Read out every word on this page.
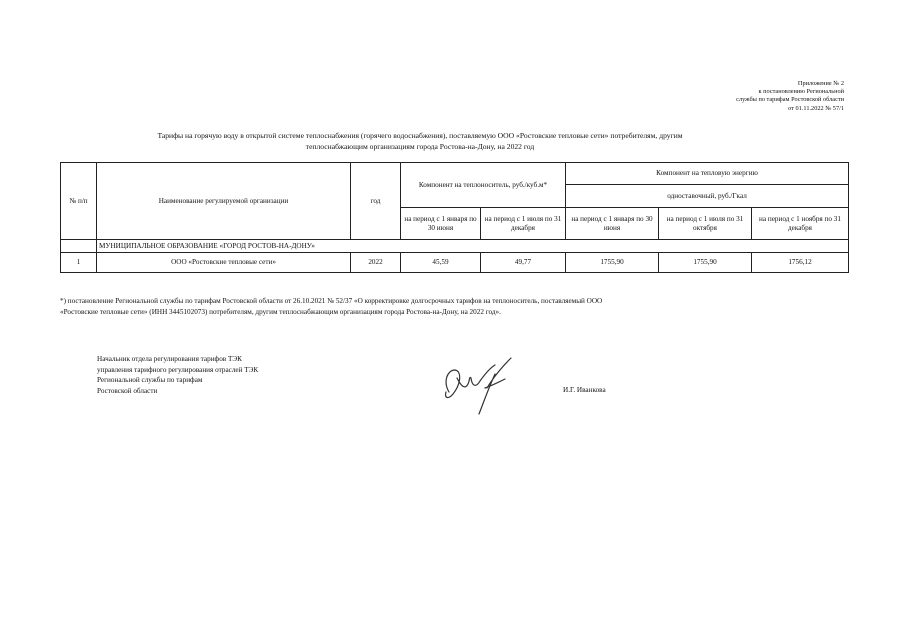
Приложение № 2
к постановлению Региональной
службы по тарифам Ростовской области
от 01.11.2022 № 57/1
Тарифы на горячую воду в открытой системе теплоснабжения (горячего водоснабжения), поставляемую ООО «Ростовские тепловые сети» потребителям, другим
теплоснабжающим организациям города Ростова-на-Дону, на 2022 год
№ п/п	Наименование регулируемой организации	год	Компонент на теплоноситель, руб./куб.м*		Компонент на тепловую энергию		
					одноставочный, руб./Гкал		
			на период с 1 января по 30 июня	на период с 1 июля по 31 декабря	на период с 1 января по 30 июня	на период с 1 июля по 31 октября	на период с 1 ноября по 31 декабря
	МУНИЦИПАЛЬНОЕ ОБРАЗОВАНИЕ «ГОРОД РОСТОВ-НА-ДОНУ»						
1	ООО «Ростовские тепловые сети»	2022	45,59	49,77	1755,90	1755,90	1756,12
*) постановление Региональной службы по тарифам Ростовской области от 26.10.2021 № 52/37 «О корректировке долгосрочных тарифов на теплоноситель, поставляемый ООО
«Ростовские тепловые сети» (ИНН 3445102073) потребителям, другим теплоснабжающим организациям города Ростова-на-Дону, на 2022 год».
Начальник отдела регулирования тарифов ТЭК
управления тарифного регулирования отраслей ТЭК
Региональной службы по тарифам
Ростовской области	И.Г. Иванкова
